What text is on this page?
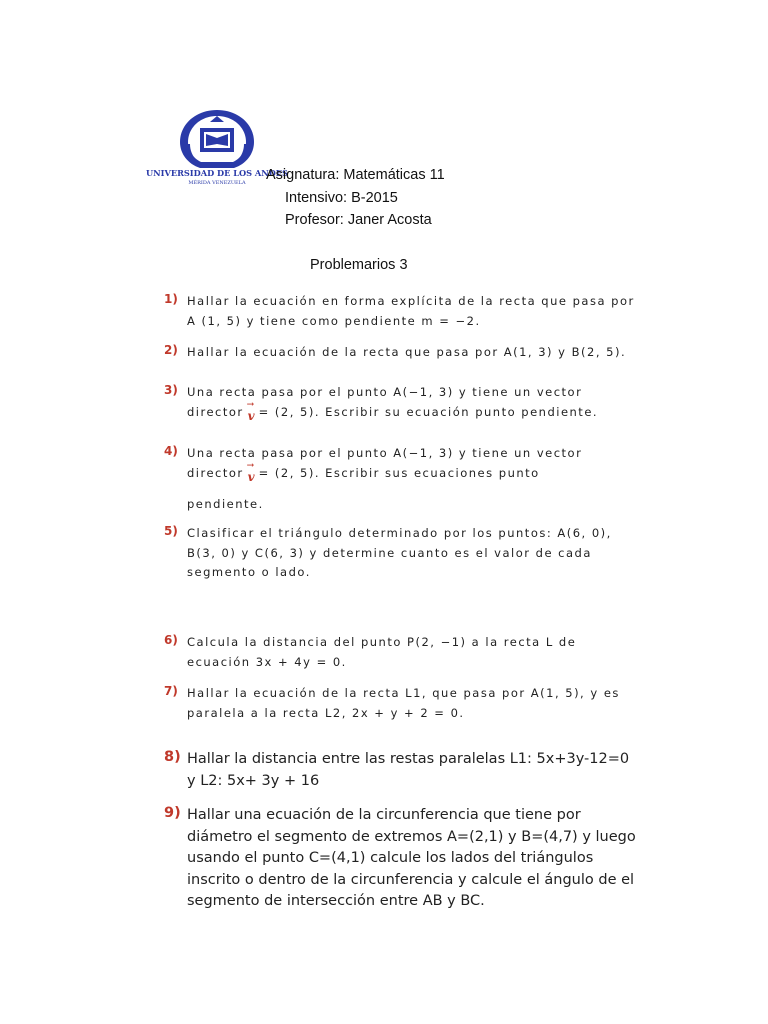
UNIVERSIDAD DE LOS ANDES
MÉRIDA VENEZUELA Asignatura: Matemáticas 11
Intensivo: B-2015
Profesor: Janer Acosta
Problemarios 3
1) Hallar la ecuación en forma explícita de la recta que pasa por
A (1, 5) y tiene como pendiente m = −2.
2) Hallar la ecuación de la recta que pasa por A(1, 3) y B(2, 5).
3) Una recta pasa por el punto A(−1, 3) y tiene un vector
director → v = (2, 5). Escribir su ecuación punto pendiente.
4) Una recta pasa por el punto A(−1, 3) y tiene un vector
director → v = (2, 5). Escribir sus ecuaciones punto
pendiente.
5) Clasificar el triángulo determinado por los puntos: A(6, 0),
B(3, 0) y C(6, 3) y determine cuanto es el valor de cada
segmento o lado.
6) Calcula la distancia del punto P(2, −1) a la recta L de
ecuación 3x + 4y = 0.
7) Hallar la ecuación de la recta L1, que pasa por A(1, 5), y es
paralela a la recta L2, 2x + y + 2 = 0.
8) Hallar la distancia entre las restas paralelas L1: 5x+3y-12=0
y L2: 5x+ 3y + 16
9) Hallar una ecuación de la circunferencia que tiene por
diámetro el segmento de extremos A=(2,1) y B=(4,7) y luego
usando el punto C=(4,1) calcule los lados del triángulos
inscrito o dentro de la circunferencia y calcule el ángulo de el
segmento de intersección entre AB y BC.
